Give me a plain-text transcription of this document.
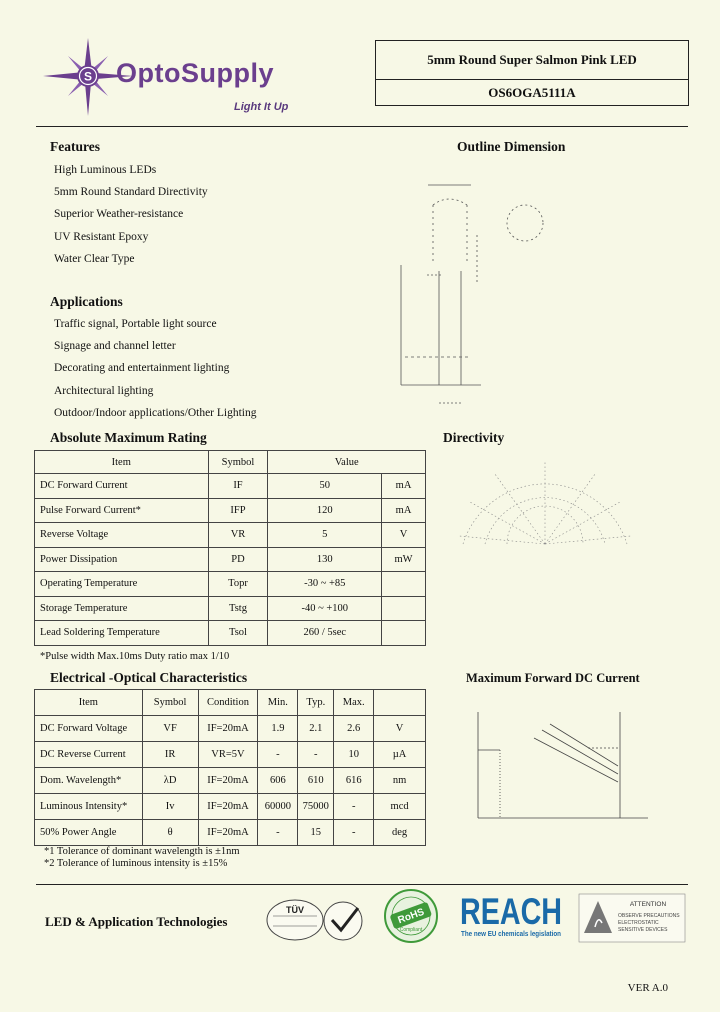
S OptoSupply
Light It Up
5mm Round Super Salmon Pink LED
OS6OGA5111A
Features
High Luminous LEDs
5mm Round Standard Directivity
Superior Weather-resistance
UV Resistant Epoxy
Water Clear Type
Applications
Traffic signal, Portable light source
Signage and channel letter
Decorating and entertainment lighting
Architectural lighting
Outdoor/Indoor applications/Other Lighting
Outline Dimension
Directivity
Absolute Maximum Rating
Item	Symbol	Value	
DC Forward Current	IF	50	mA
Pulse Forward Current*	IFP	120	mA
Reverse Voltage	VR	5	V
Power Dissipation	PD	130	mW
Operating Temperature	Topr	-30 ~ +85	
Storage Temperature	Tstg	-40 ~ +100	
Lead Soldering Temperature	Tsol	260 / 5sec	
*Pulse width Max.10ms Duty ratio max 1/10
Electrical -Optical Characteristics
Item	Symbol	Condition	Min.	Typ.	Max.	
DC Forward Voltage	VF	IF=20mA	1.9	2.1	2.6	V
DC Reverse Current	IR	VR=5V	-	-	10	µA
Dom. Wavelength*	λD	IF=20mA	606	610	616	nm
Luminous Intensity*	Iv	IF=20mA	60000	75000	-	mcd
50% Power Angle	θ	IF=20mA	-	15	-	deg
*1 Tolerance of dominant wavelength is ±1nm
*2 Tolerance of luminous intensity is ±15%
Maximum Forward DC Current
LED & Application Technologies
TÜV	RoHS
Compliant REACH
The new EU chemicals legislation
ATTENTION
OBSERVE PRECAUTIONS
ELECTROSTATIC
SENSITIVE DEVICES
VER A.0
